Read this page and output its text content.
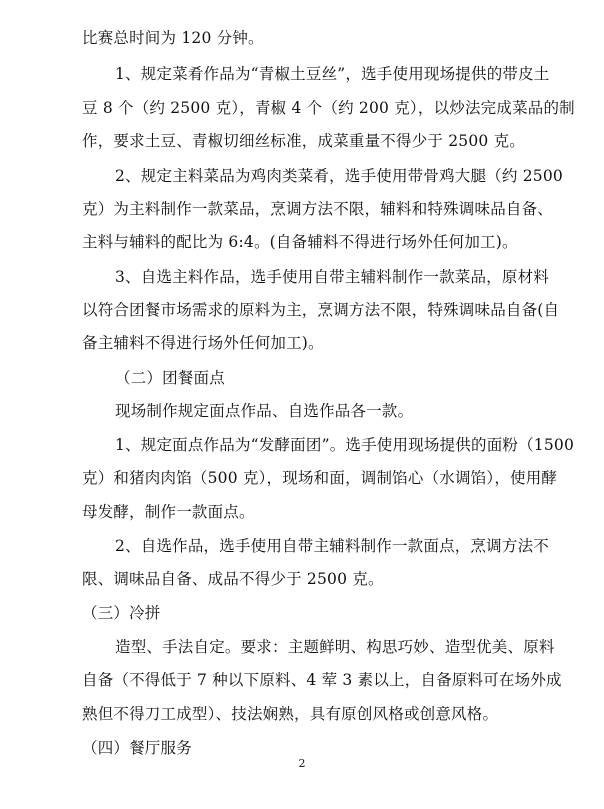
比赛总时间为 120 分钟。
1、规定菜肴作品为“青椒土豆丝”，选手使用现场提供的带皮土
豆 8 个（约 2500 克），青椒 4 个（约 200 克），以炒法完成菜品的制
作，要求土豆、青椒切细丝标准，成菜重量不得少于 2500 克。
2、规定主料菜品为鸡肉类菜肴，选手使用带骨鸡大腿（约 2500
克）为主料制作一款菜品，烹调方法不限，辅料和特殊调味品自备、
主料与辅料的配比为 6:4。(自备辅料不得进行场外任何加工)。
3、自选主料作品，选手使用自带主辅料制作一款菜品，原材料
以符合团餐市场需求的原料为主，烹调方法不限，特殊调味品自备(自
备主辅料不得进行场外任何加工)。
（二）团餐面点
现场制作规定面点作品、自选作品各一款。
1、规定面点作品为“发酵面团”。选手使用现场提供的面粉（1500
克）和猪肉肉馅（500 克），现场和面，调制馅心（水调馅），使用酵
母发酵，制作一款面点。
2、自选作品，选手使用自带主辅料制作一款面点，烹调方法不
限、调味品自备、成品不得少于 2500 克。
（三）冷拼
造型、手法自定。要求：主题鲜明、构思巧妙、造型优美、原料
自备（不得低于 7 种以下原料、4 荤 3 素以上，自备原料可在场外成
熟但不得刀工成型）、技法娴熟，具有原创风格或创意风格。
（四）餐厅服务
2
